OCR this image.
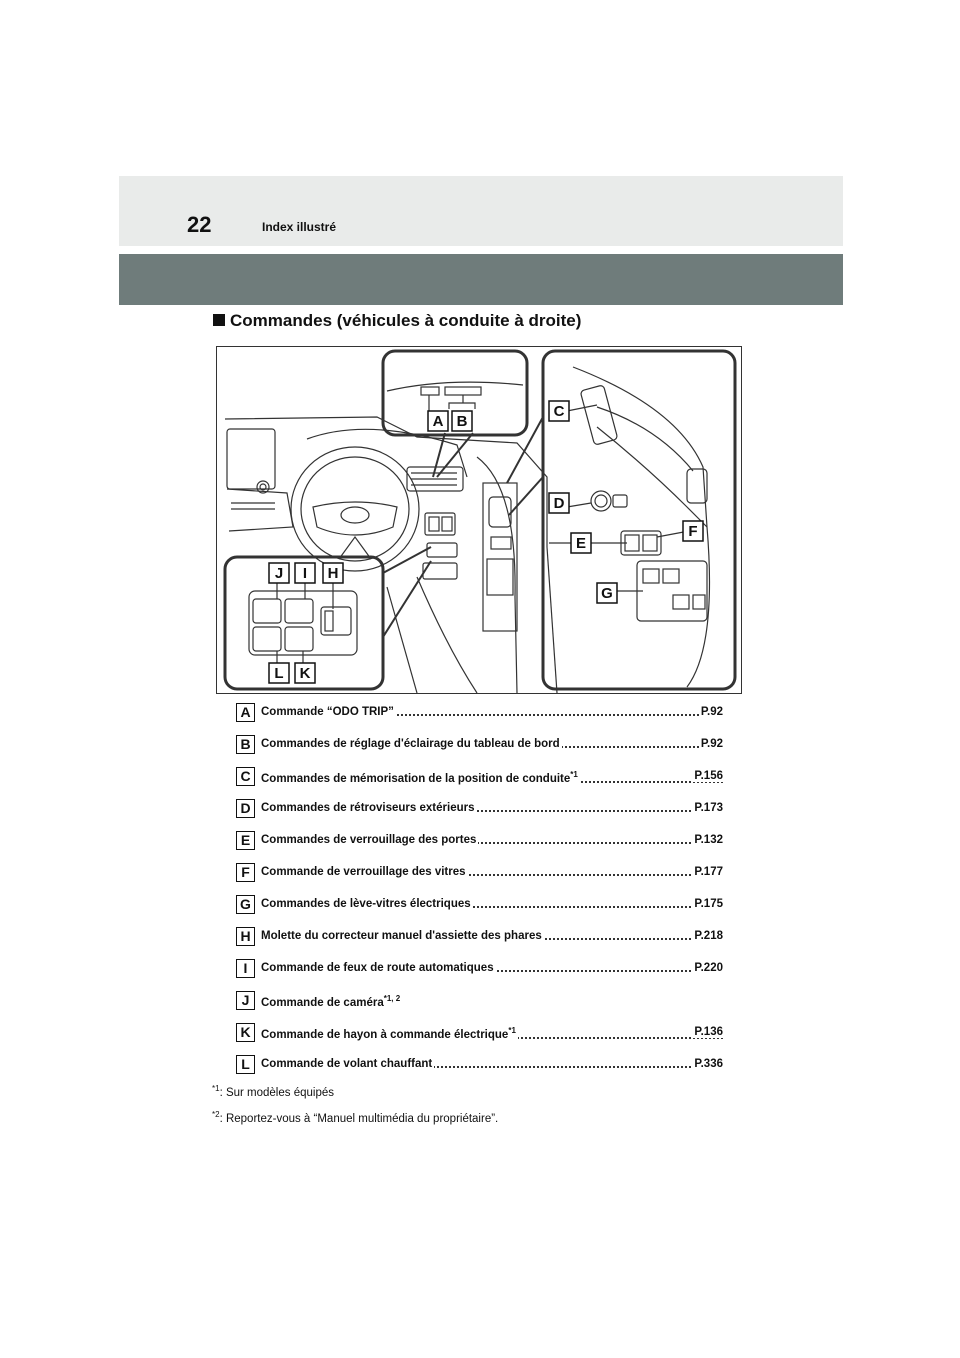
22	Index illustré
Commandes (véhicules à conduite à droite)
A B
C
D
E
F
G
H
I
J
K
L
A Commande “ODO TRIP”	P.92
B Commandes de réglage d'éclairage du tableau de bord	P.92
C Commandes de mémorisation de la position de conduite$^{*1}$	P.156
D Commandes de rétroviseurs extérieurs	P.173
E Commandes de verrouillage des portes	P.132
F Commande de verrouillage des vitres	P.177
G Commandes de lève-vitres électriques	P.175
H Molette du correcteur manuel d'assiette des phares	P.218
I	Commande de feux de route automatiques	P.220
J	Commande de caméra$^{*1, 2}$
K Commande de hayon à commande électrique$^{*1}$	P.136
L Commande de volant chauffant	P.336
$^{*1}$: Sur modèles équipés
$^{*2}$: Reportez-vous à “Manuel multimédia du propriétaire”.
